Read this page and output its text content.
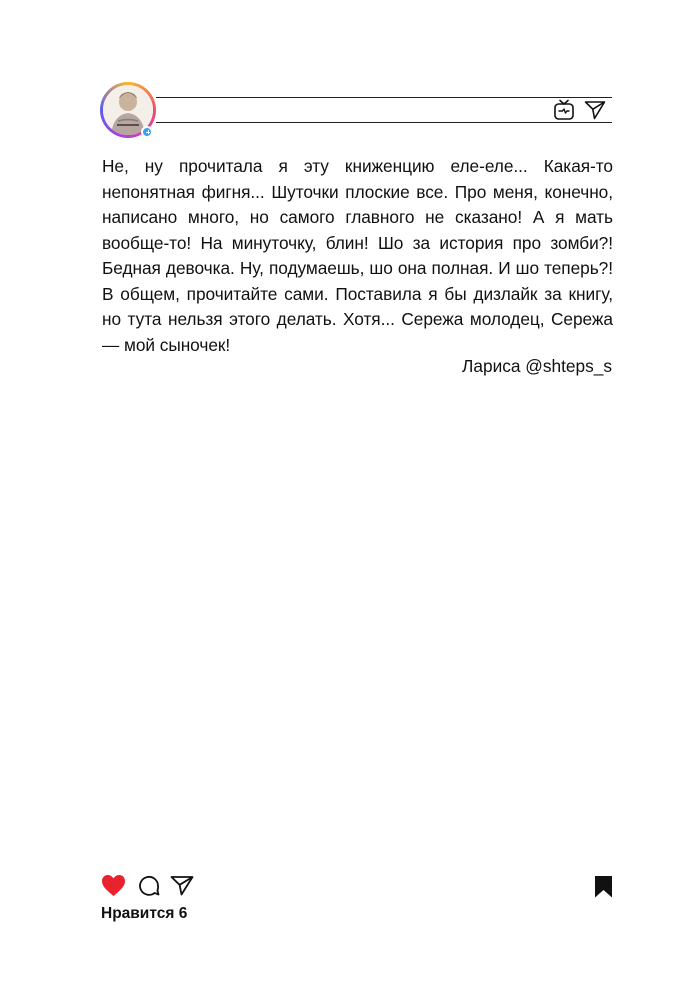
Не, ну прочитала я эту книженцию еле-еле... Какая-то непонятная фигня... Шуточки плоские все. Про меня, конечно, написано много, но самого главного не сказано! А я мать вообще-то! На минуточку, блин! Шо за история про зомби?! Бедная девочка. Ну, подумаешь, шо она полная. И шо теперь?! В общем, прочитайте сами. Поставила я бы дизлайк за книгу, но тута нельзя этого делать. Хотя... Сережа молодец, Сережа — мой сыночек!

Лариса @shteps_s

Нравится 6
